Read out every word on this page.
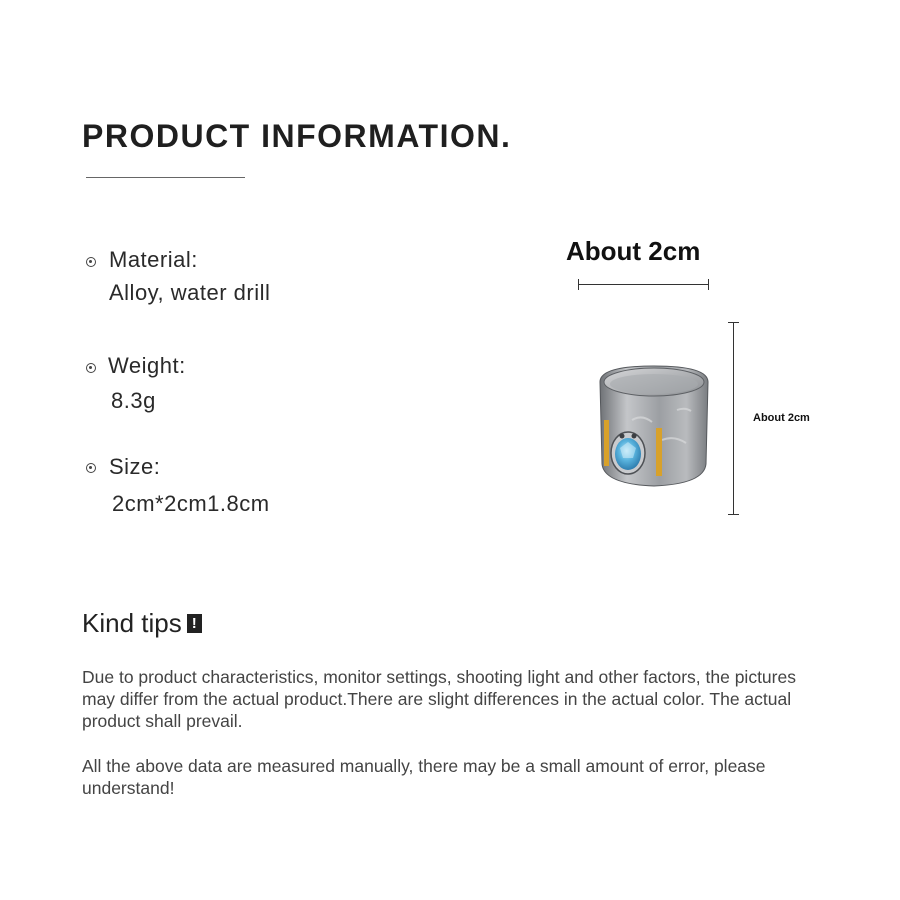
PRODUCT INFORMATION.
Material:
Alloy, water drill
Weight:
8.3g
Size:
2cm*2cm1.8cm
About 2cm
About 2cm
Kind tips !
Due to product characteristics, monitor settings, shooting light and other factors, the pictures may differ from the actual product.There are slight differences in the actual color. The actual product shall prevail.
All the above data are measured manually, there may be a small amount of error, please understand!
